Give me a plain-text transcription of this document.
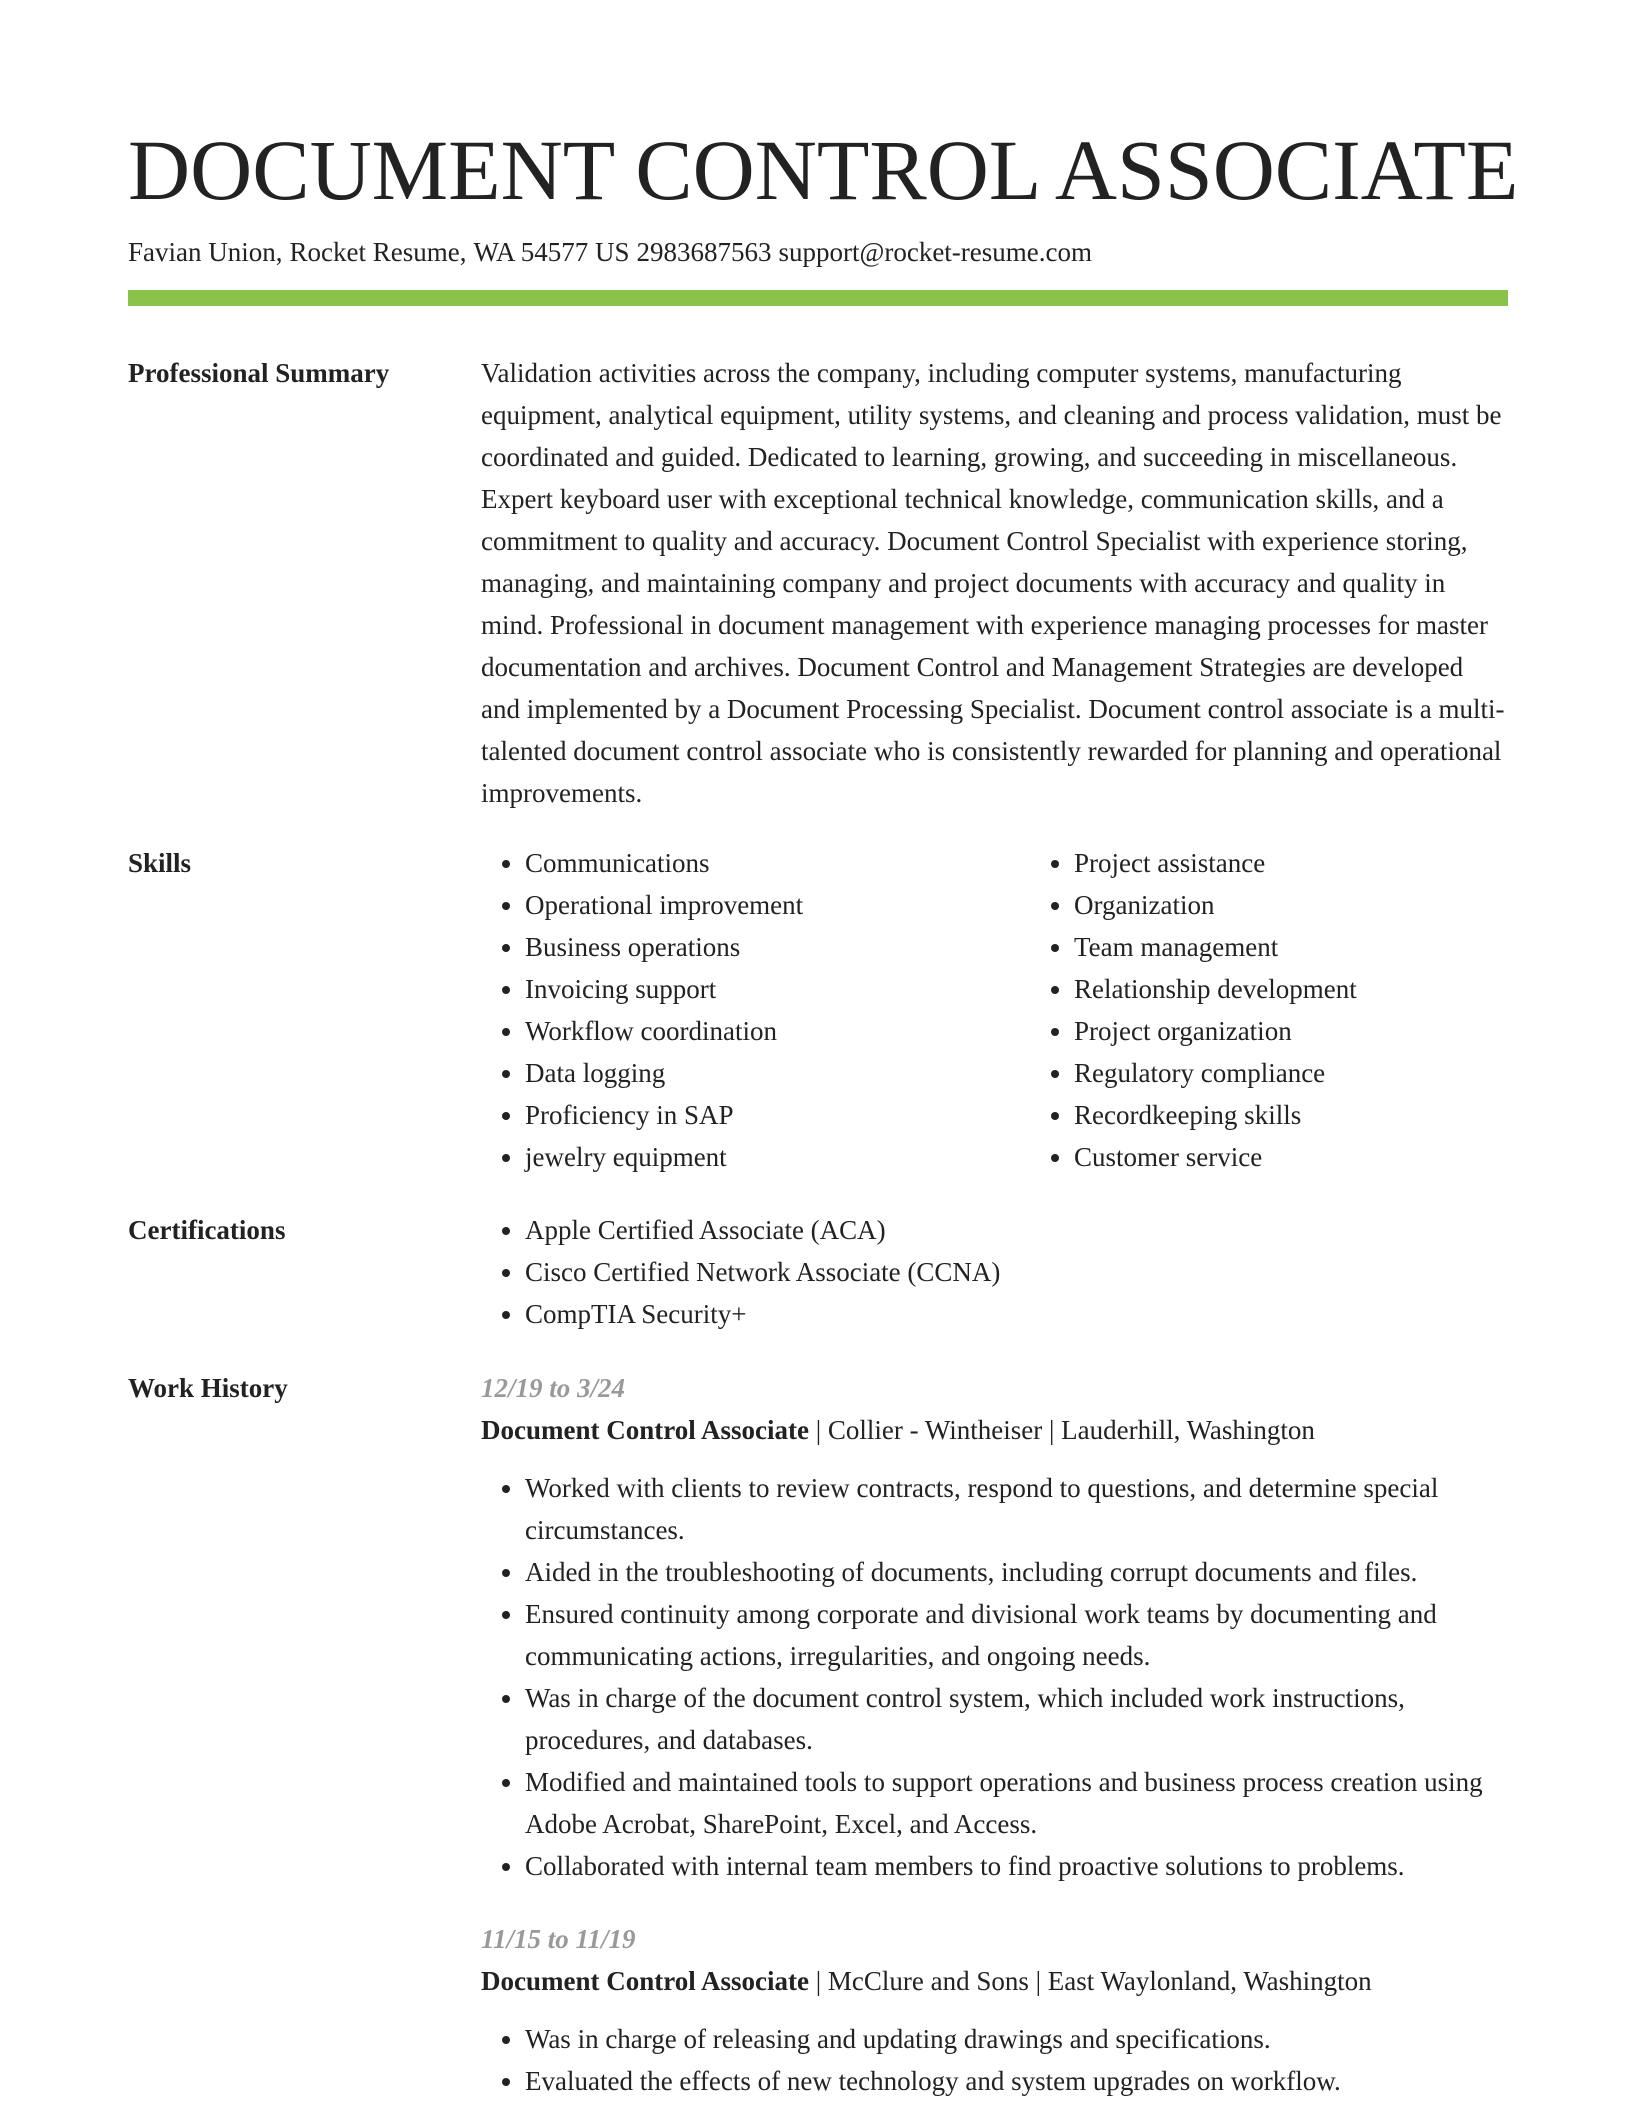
DOCUMENT CONTROL ASSOCIATE
Favian Union, Rocket Resume, WA 54577 US 2983687563 support@rocket-resume.com
Professional Summary	Validation activities across the company, including computer systems, manufacturing equipment, analytical equipment, utility systems, and cleaning and process validation, must be coordinated and guided. Dedicated to learning, growing, and succeeding in miscellaneous. Expert keyboard user with exceptional technical knowledge, communication skills, and a commitment to quality and accuracy. Document Control Specialist with experience storing, managing, and maintaining company and project documents with accuracy and quality in mind. Professional in document management with experience managing processes for master documentation and archives. Document Control and Management Strategies are developed and implemented by a Document Processing Specialist. Document control associate is a multi-talented document control associate who is consistently rewarded for planning and operational improvements.

Skills	• Communications
• Operational improvement
• Business operations
• Invoicing support
• Workflow coordination
• Data logging
• Proficiency in SAP
• jewelry equipment
• Project assistance
• Organization
• Team management
• Relationship development
• Project organization
• Regulatory compliance
• Recordkeeping skills
• Customer service
Certifications	• Apple Certified Associate (ACA)
• Cisco Certified Network Associate (CCNA)
• CompTIA Security+
Work History	12/19 to 3/24
Document Control Associate | Collier - Wintheiser | Lauderhill, Washington
• Worked with clients to review contracts, respond to questions, and determine special circumstances.
• Aided in the troubleshooting of documents, including corrupt documents and files.
• Ensured continuity among corporate and divisional work teams by documenting and communicating actions, irregularities, and ongoing needs.
• Was in charge of the document control system, which included work instructions, procedures, and databases.
• Modified and maintained tools to support operations and business process creation using Adobe Acrobat, SharePoint, Excel, and Access.
• Collaborated with internal team members to find proactive solutions to problems.
11/15 to 11/19
Document Control Associate | McClure and Sons | East Waylonland, Washington
• Was in charge of releasing and updating drawings and specifications.
• Evaluated the effects of new technology and system upgrades on workflow.
